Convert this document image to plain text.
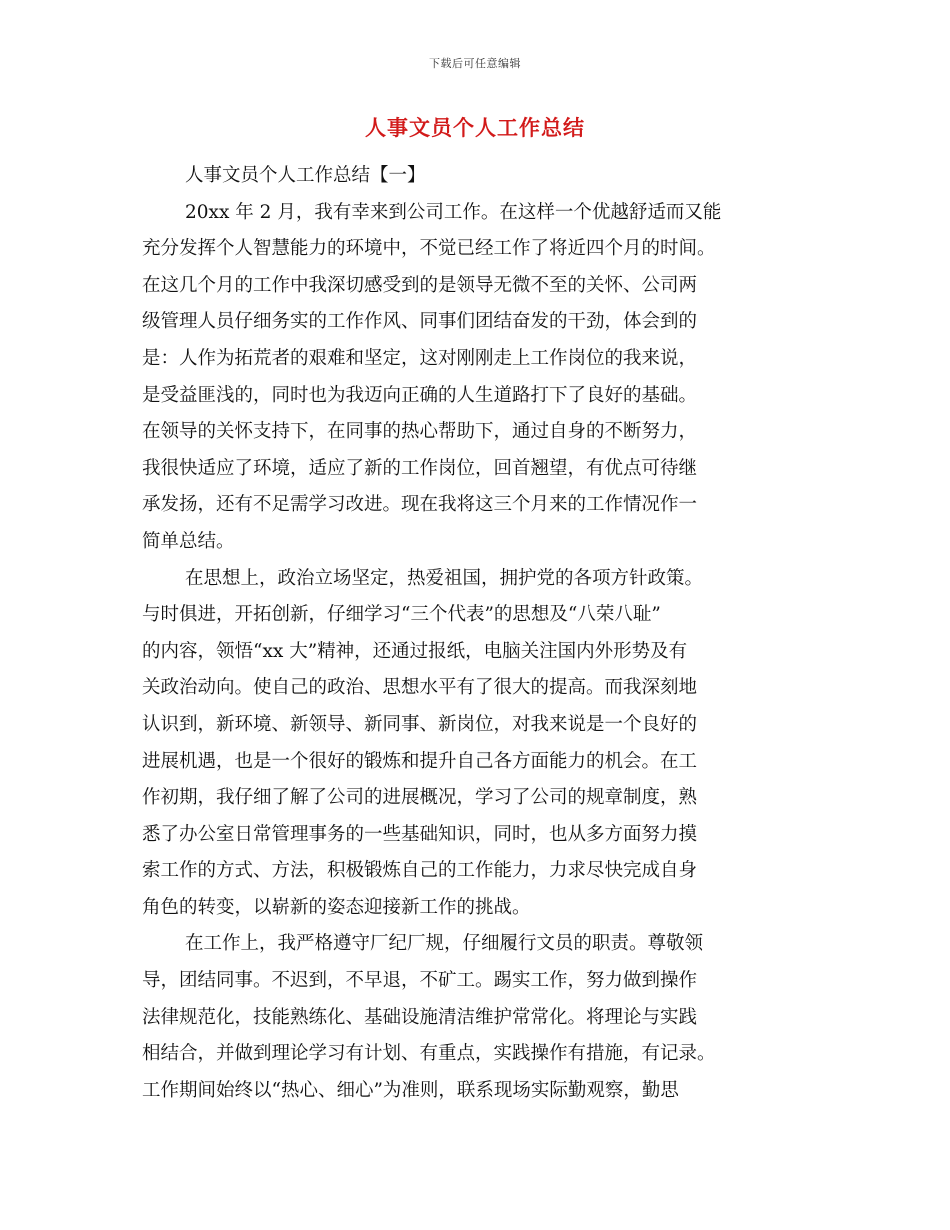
下载后可任意编辑
人事文员个人工作总结
人事文员个人工作总结【一】
20xx 年 2 月，我有幸来到公司工作。在这样一个优越舒适而又能
充分发挥个人智慧能力的环境中，不觉已经工作了将近四个月的时间。
在这几个月的工作中我深切感受到的是领导无微不至的关怀、公司两
级管理人员仔细务实的工作作风、同事们团结奋发的干劲，体会到的
是：人作为拓荒者的艰难和坚定，这对刚刚走上工作岗位的我来说，
是受益匪浅的，同时也为我迈向正确的人生道路打下了良好的基础。
在领导的关怀支持下，在同事的热心帮助下，通过自身的不断努力，
我很快适应了环境，适应了新的工作岗位，回首翘望，有优点可待继
承发扬，还有不足需学习改进。现在我将这三个月来的工作情况作一
简单总结。
在思想上，政治立场坚定，热爱祖国，拥护党的各项方针政策。
与时俱进，开拓创新，仔细学习“三个代表”的思想及“八荣八耻”
的内容，领悟“xx 大”精神，还通过报纸，电脑关注国内外形势及有
关政治动向。使自己的政治、思想水平有了很大的提高。而我深刻地
认识到，新环境、新领导、新同事、新岗位，对我来说是一个良好的
进展机遇，也是一个很好的锻炼和提升自己各方面能力的机会。在工
作初期，我仔细了解了公司的进展概况，学习了公司的规章制度，熟
悉了办公室日常管理事务的一些基础知识，同时，也从多方面努力摸
索工作的方式、方法，积极锻炼自己的工作能力，力求尽快完成自身
角色的转变，以崭新的姿态迎接新工作的挑战。
在工作上，我严格遵守厂纪厂规，仔细履行文员的职责。尊敬领
导，团结同事。不迟到，不早退，不矿工。踢实工作，努力做到操作
法律规范化，技能熟练化、基础设施清洁维护常常化。将理论与实践
相结合，并做到理论学习有计划、有重点，实践操作有措施，有记录。
工作期间始终以“热心、细心”为准则，联系现场实际勤观察，勤思
